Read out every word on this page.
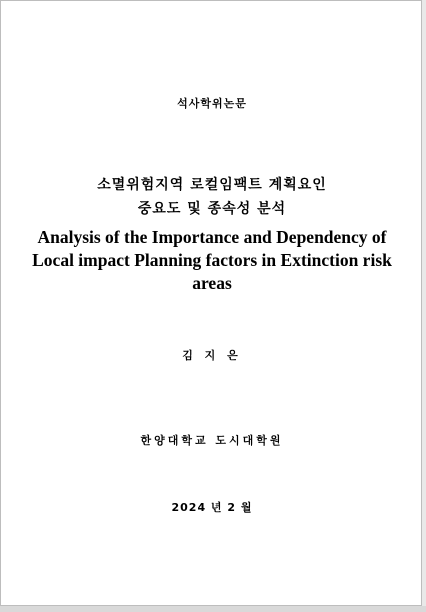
석사학위논문
소멸위험지역 로컬임팩트 계획요인
중요도 및 종속성 분석
Analysis of the Importance and Dependency of
Local impact Planning factors in Extinction risk
areas
김 지 은
한양대학교 도시대학원
2024 년 2 월
